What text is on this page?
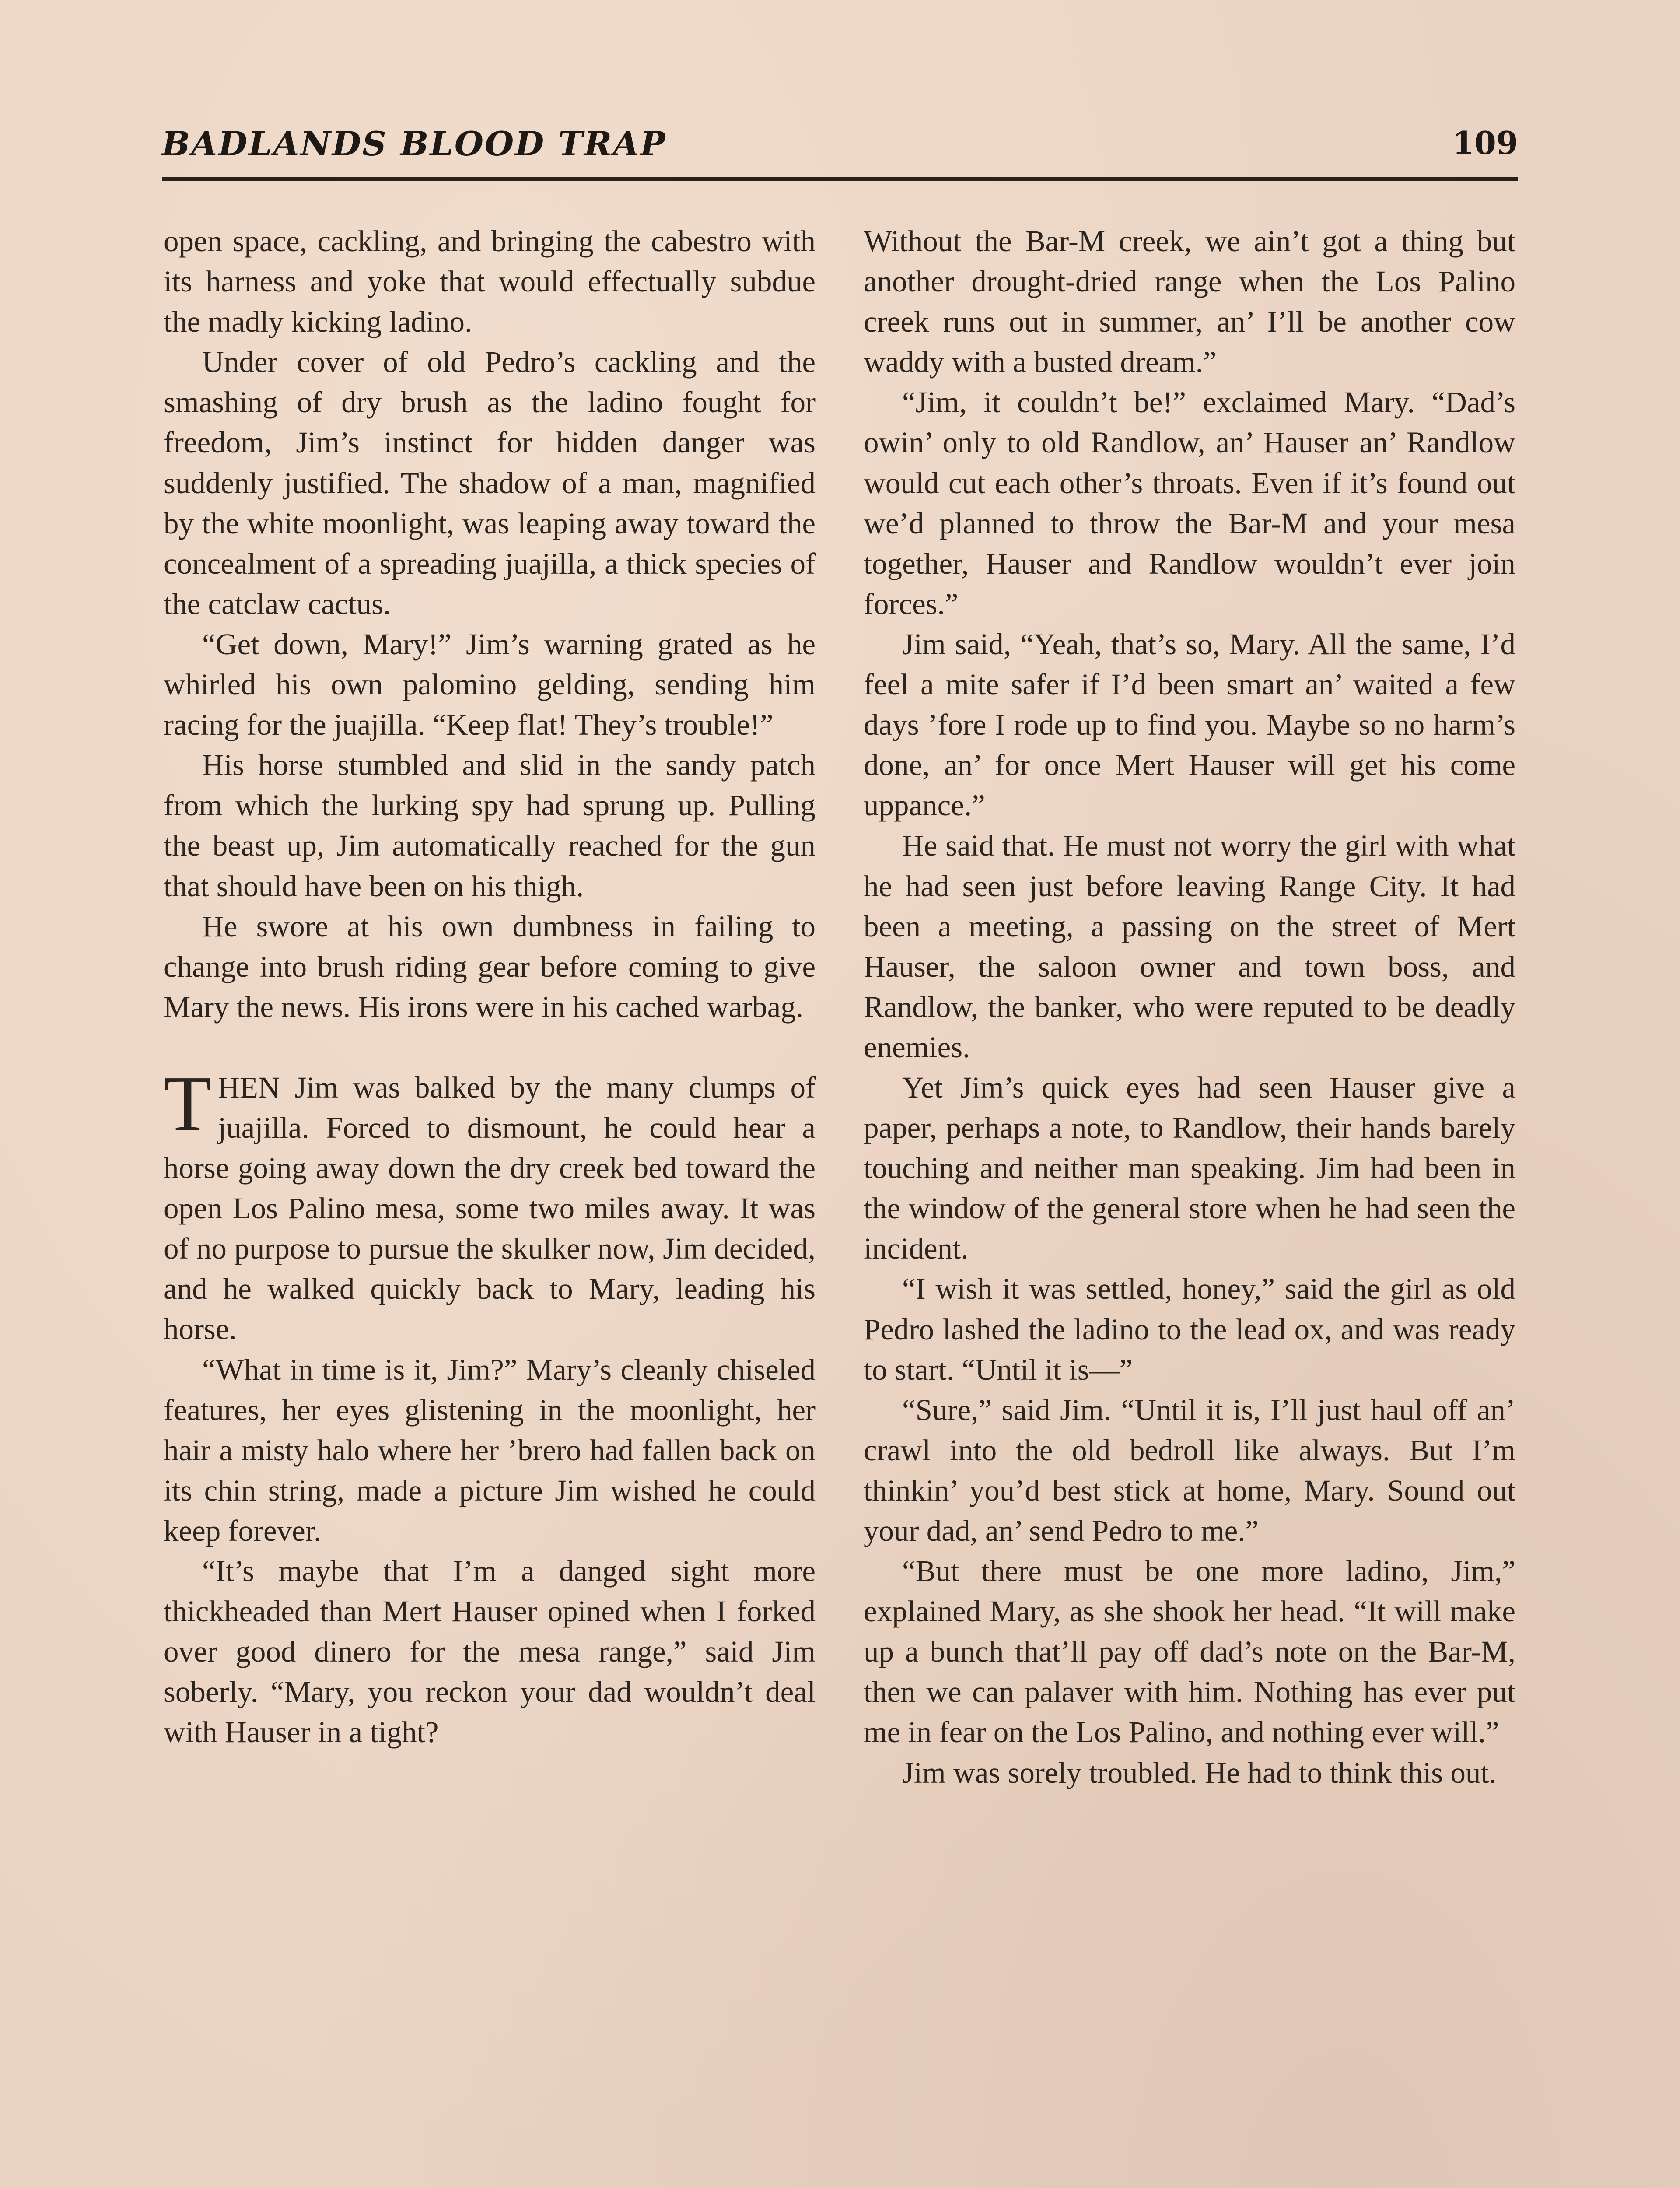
BADLANDS BLOOD TRAP	109

open space, cackling, and bringing the cabestro with its harness and yoke that would effectually subdue the madly kicking ladino.

Under cover of old Pedro’s cackling and the smashing of dry brush as the ladino fought for freedom, Jim’s instinct for hidden danger was suddenly justified. The shadow of a man, magnified by the white moonlight, was leaping away toward the concealment of a spreading juajilla, a thick species of the catclaw cactus.

“Get down, Mary!” Jim’s warning grated as he whirled his own palomino gelding, sending him racing for the juajilla. “Keep flat! They’s trouble!”

His horse stumbled and slid in the sandy patch from which the lurking spy had sprung up. Pulling the beast up, Jim automatically reached for the gun that should have been on his thigh.

He swore at his own dumbness in failing to change into brush riding gear before coming to give Mary the news. His irons were in his cached warbag.

THEN Jim was balked by the many clumps of juajilla. Forced to dismount, he could hear a horse going away down the dry creek bed toward the open Los Palino mesa, some two miles away. It was of no purpose to pursue the skulker now, Jim decided, and he walked quickly back to Mary, leading his horse.

“What in time is it, Jim?” Mary’s cleanly chiseled features, her eyes glistening in the moonlight, her hair a misty halo where her ’brero had fallen back on its chin string, made a picture Jim wished he could keep forever.

“It’s maybe that I’m a danged sight more thickheaded than Mert Hauser opined when I forked over good dinero for the mesa range,” said Jim soberly. “Mary, you reckon your dad wouldn’t deal with Hauser in a tight?

Without the Bar-M creek, we ain’t got a thing but another drought-dried range when the Los Palino creek runs out in summer, an’ I’ll be another cow waddy with a busted dream.”

“Jim, it couldn’t be!” exclaimed Mary. “Dad’s owin’ only to old Randlow, an’ Hauser an’ Randlow would cut each other’s throats. Even if it’s found out we’d planned to throw the Bar-M and your mesa together, Hauser and Randlow wouldn’t ever join forces.”

Jim said, “Yeah, that’s so, Mary. All the same, I’d feel a mite safer if I’d been smart an’ waited a few days ’fore I rode up to find you. Maybe so no harm’s done, an’ for once Mert Hauser will get his come uppance.”

He said that. He must not worry the girl with what he had seen just before leaving Range City. It had been a meeting, a passing on the street of Mert Hauser, the saloon owner and town boss, and Randlow, the banker, who were reputed to be deadly enemies.

Yet Jim’s quick eyes had seen Hauser give a paper, perhaps a note, to Randlow, their hands barely touching and neither man speaking. Jim had been in the window of the general store when he had seen the incident.

“I wish it was settled, honey,” said the girl as old Pedro lashed the ladino to the lead ox, and was ready to start. “Until it is—”

“Sure,” said Jim. “Until it is, I’ll just haul off an’ crawl into the old bedroll like always. But I’m thinkin’ you’d best stick at home, Mary. Sound out your dad, an’ send Pedro to me.”

“But there must be one more ladino, Jim,” explained Mary, as she shook her head. “It will make up a bunch that’ll pay off dad’s note on the Bar-M, then we can palaver with him. Nothing has ever put me in fear on the Los Palino, and nothing ever will.”

Jim was sorely troubled. He had to think this out.
